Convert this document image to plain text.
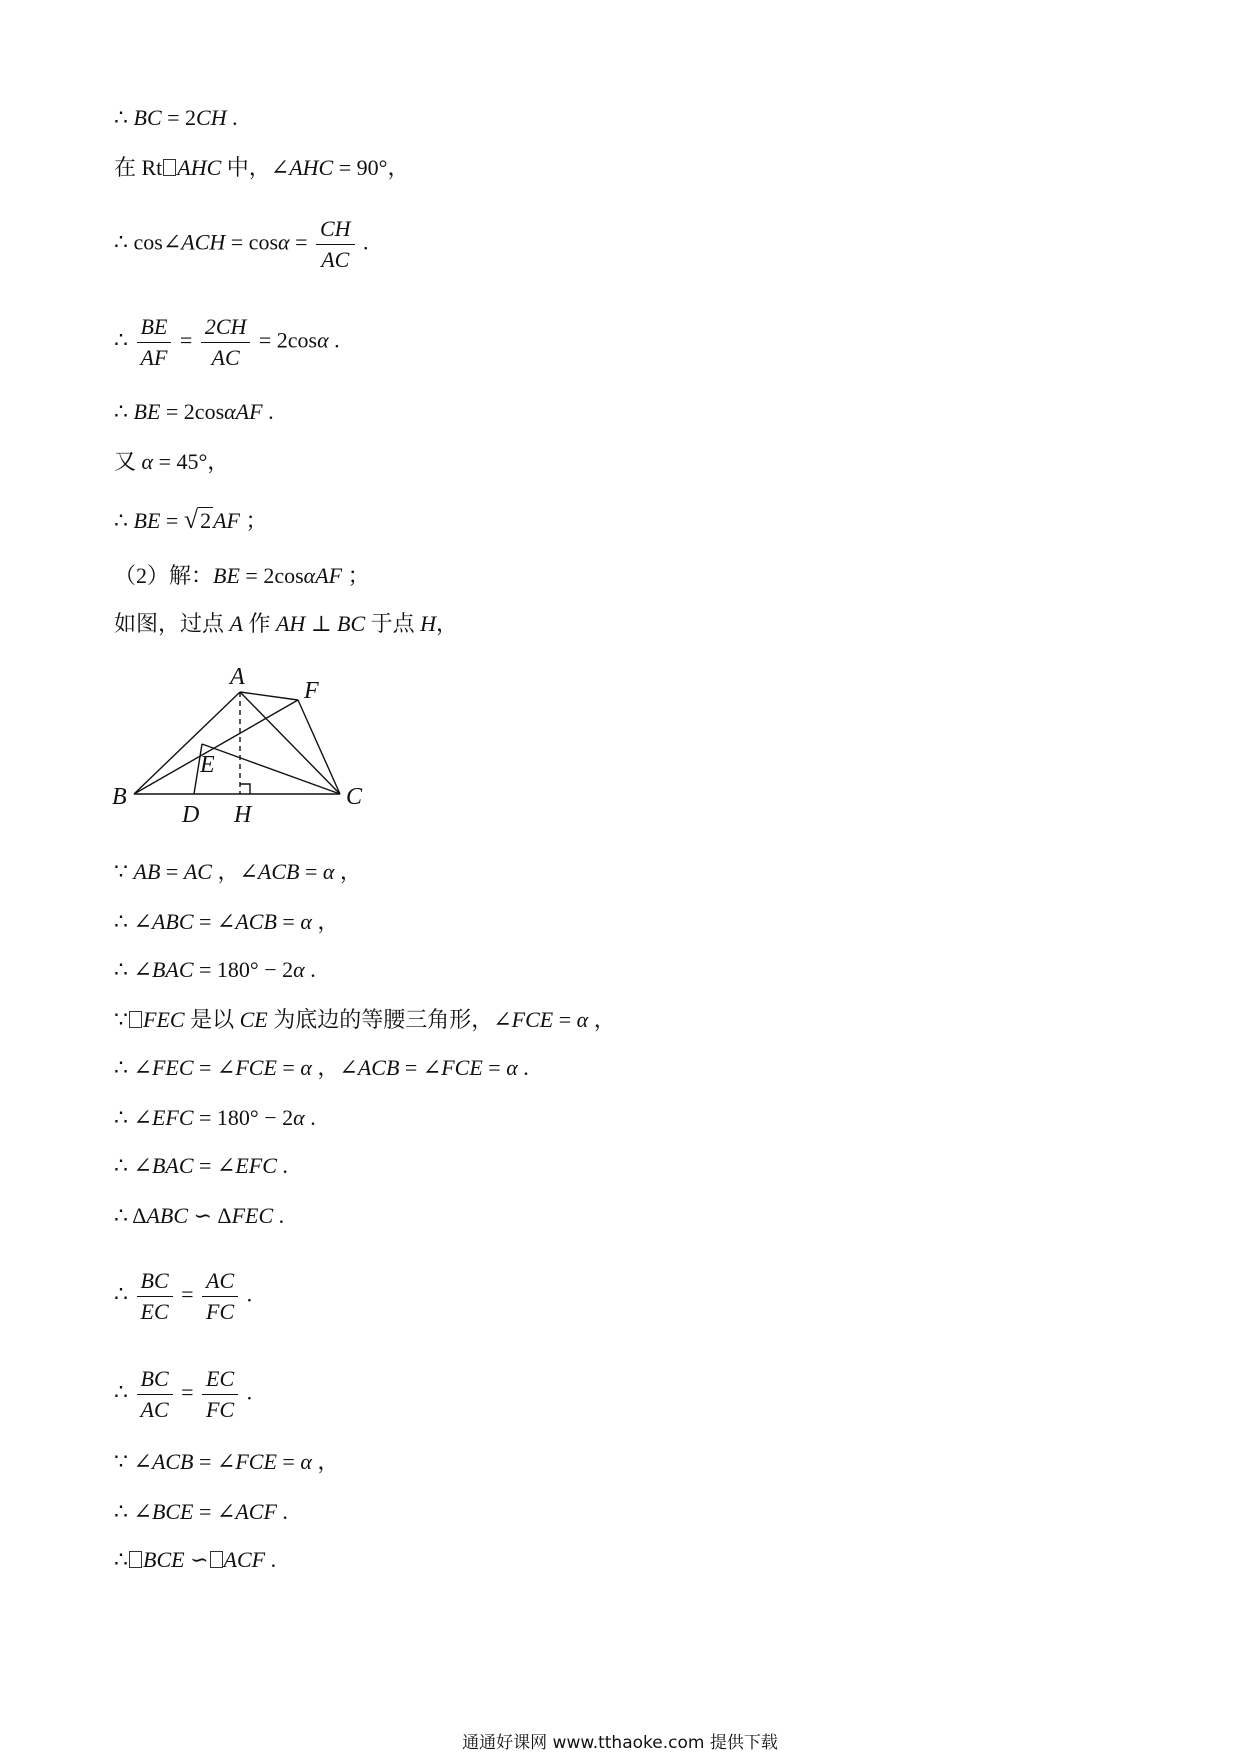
∴ BC = 2CH .
在 Rt AHC 中，∠AHC = 90°，
∴ cos∠ACH = $\cos\alpha = \frac{CH}{AC}$ .
∴ $\frac{BE}{AF} = \frac{2CH}{AC} = 2\cos\alpha$ .
∴ BE = 2cosαAF .
又 α = 45°，
∴ BE = √2AF ；
（2）解：BE = 2cosαAF ；
如图，过点 A 作 AH ⊥ BC 于点 H，
A
F
E
B	C
D H
∵ AB = AC ，∠ACB = α ，
∴ ∠ABC = ∠ACB = α ，
∴ ∠BAC = 180° − 2α .
∵ FEC 是以 CE 为底边的等腰三角形，∠FCE = α ，
∴ ∠FEC = ∠FCE = α ，∠ACB = ∠FCE = α .
∴ ∠EFC = 180° − 2α .
∴ ∠BAC = ∠EFC .
∴ ΔABC ∽ ΔFEC .
∴ $\frac{BC}{EC} = \frac{AC}{FC}$ .
∴ $\frac{BC}{AC} = \frac{EC}{FC}$ .
∵ ∠ACB = ∠FCE = α ，
∴ ∠BCE = ∠ACF .
∴ BCE ∽ ACF .
通通好课网 www.tthaoke.com 提供下载
